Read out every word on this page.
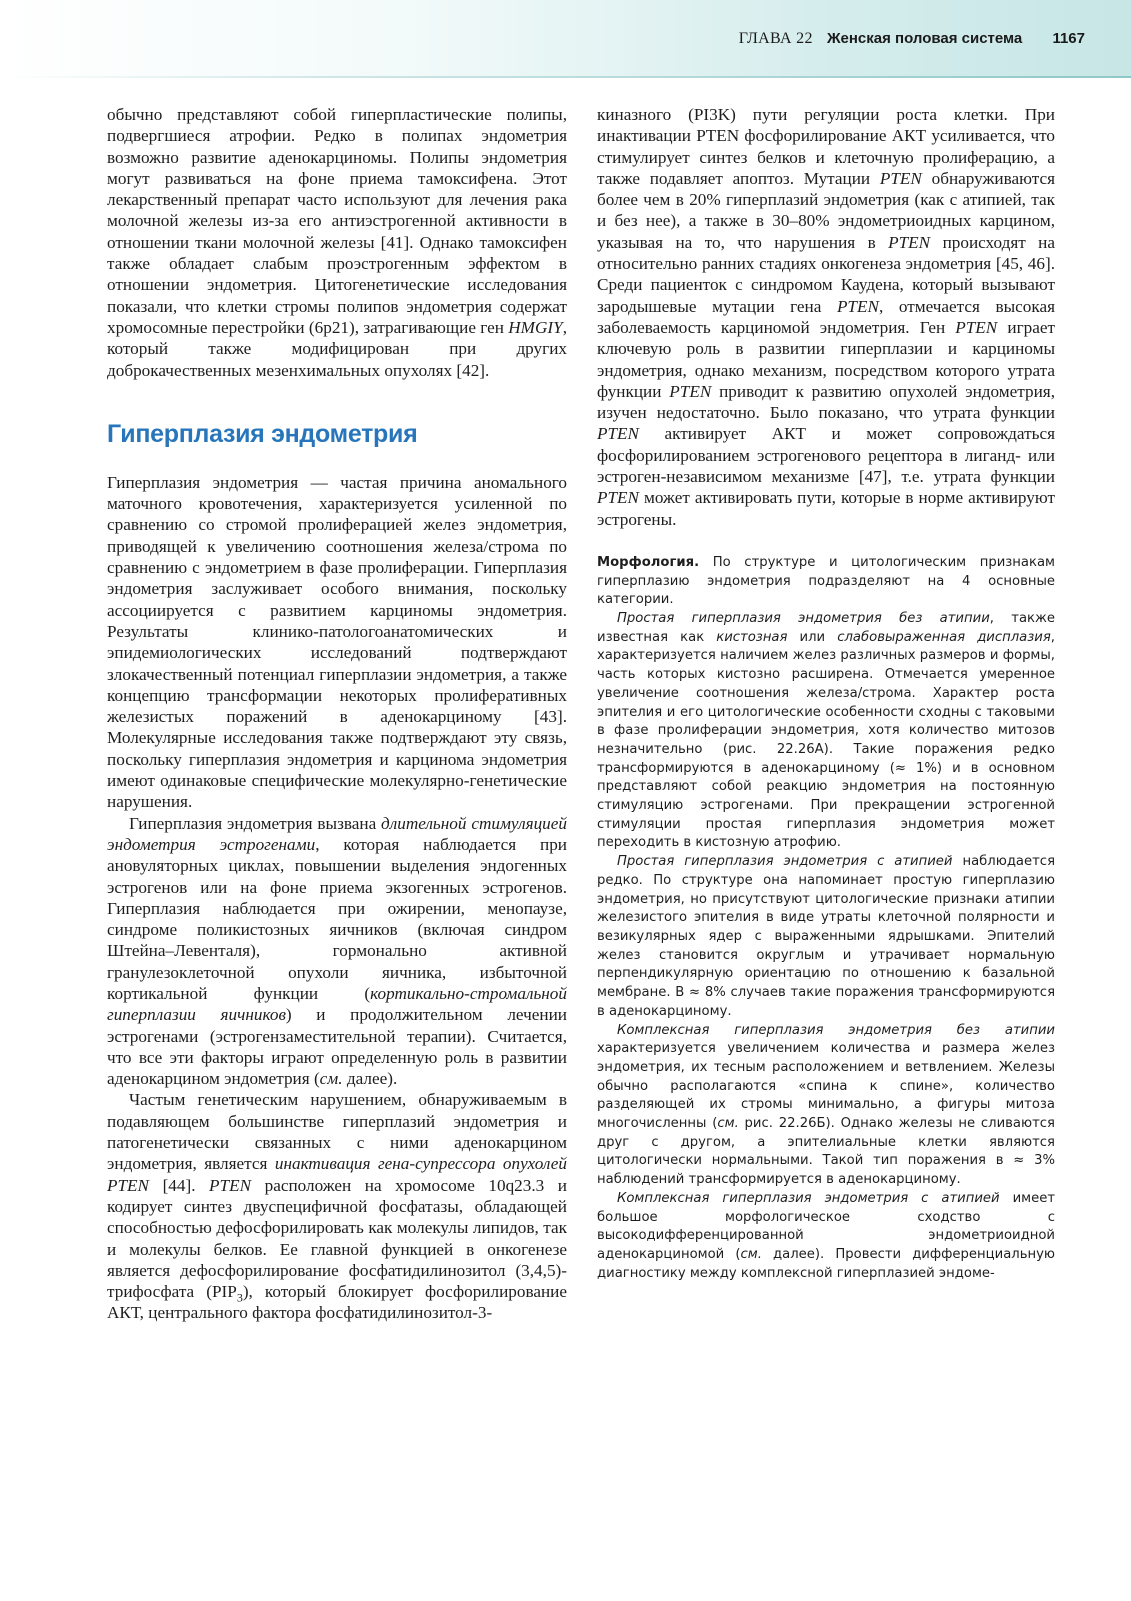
ГЛАВА 22 Женская половая система 1167

обычно представляют собой гиперпластические полипы, подвергшиеся атрофии. Редко в полипах эндометрия возможно развитие аденокарциномы. Полипы эндометрия могут развиваться на фоне приема тамоксифена. Этот лекарственный препарат часто используют для лечения рака молочной железы из-за его антиэстрогенной активности в отношении ткани молочной железы [41]. Однако тамоксифен также обладает слабым проэстрогенным эффектом в отношении эндометрия. Цитогенетические исследования показали, что клетки стромы полипов эндометрия содержат хромосомные перестройки (6р21), затрагивающие ген HMGIY, который также модифицирован при других доброкачественных мезенхимальных опухолях [42].

Гиперплазия эндометрия

Гиперплазия эндометрия — частая причина аномального маточного кровотечения, характеризуется усиленной по сравнению со стромой пролиферацией желез эндометрия, приводящей к увеличению соотношения железа/строма по сравнению с эндометрием в фазе пролиферации. Гиперплазия эндометрия заслуживает особого внимания, поскольку ассоциируется с развитием карциномы эндометрия. Результаты клинико-патологоанатомических и эпидемиологических исследований подтверждают злокачественный потенциал гиперплазии эндометрия, а также концепцию трансформации некоторых пролиферативных железистых поражений в аденокарциному [43]. Молекулярные исследования также подтверждают эту связь, поскольку гиперплазия эндометрия и карцинома эндометрия имеют одинаковые специфические молекулярно-генетические нарушения.

Гиперплазия эндометрия вызвана длительной стимуляцией эндометрия эстрогенами, которая наблюдается при ановуляторных циклах, повышении выделения эндогенных эстрогенов или на фоне приема экзогенных эстрогенов. Гиперплазия наблюдается при ожирении, менопаузе, синдроме поликистозных яичников (включая синдром Штейна–Левенталя), гормонально активной гранулезоклеточной опухоли яичника, избыточной кортикальной функции (кортикально-стромальной гиперплазии яичников) и продолжительном лечении эстрогенами (эстрогензаместительной терапии). Считается, что все эти факторы играют определенную роль в развитии аденокарцином эндометрия (см. далее).

Частым генетическим нарушением, обнаруживаемым в подавляющем большинстве гиперплазий эндометрия и патогенетически связанных с ними аденокарцином эндометрия, является инактивация гена-супрессора опухолей PTEN [44]. PTEN расположен на хромосоме 10q23.3 и кодирует синтез двуспецифичной фосфатазы, обладающей способностью дефосфорилировать как молекулы липидов, так и молекулы белков. Ее главной функцией в онкогенезе является дефосфорилирование фосфатидилинозитол (3,4,5)-трифосфата $(PIP_3)$, который блокирует фосфорилирование АКТ, центрального фактора фосфатидилинозитол-3-

киназного (PI3K) пути регуляции роста клетки. При инактивации PTEN фосфорилирование АКТ усиливается, что стимулирует синтез белков и клеточную пролиферацию, а также подавляет апоптоз. Мутации PTEN обнаруживаются более чем в 20% гиперплазий эндометрия (как с атипией, так и без нее), а также в 30–80% эндометриоидных карцином, указывая на то, что нарушения в PTEN происходят на относительно ранних стадиях онкогенеза эндометрия [45, 46]. Среди пациенток с синдромом Каудена, который вызывают зародышевые мутации гена PTEN, отмечается высокая заболеваемость карциномой эндометрия. Ген PTEN играет ключевую роль в развитии гиперплазии и карциномы эндометрия, однако механизм, посредством которого утрата функции PTEN приводит к развитию опухолей эндометрия, изучен недостаточно. Было показано, что утрата функции PTEN активирует АКТ и может сопровождаться фосфорилированием эстрогенового рецептора в лиганд- или эстроген-независимом механизме [47], т.е. утрата функции PTEN может активировать пути, которые в норме активируют эстрогены.

Морфология. По структуре и цитологическим признакам гиперплазию эндометрия подразделяют на 4 основные категории.

Простая гиперплазия эндометрия без атипии, также известная как кистозная или слабовыраженная дисплазия, характеризуется наличием желез различных размеров и формы, часть которых кистозно расширена. Отмечается умеренное увеличение соотношения железа/строма. Характер роста эпителия и его цитологические особенности сходны с таковыми в фазе пролиферации эндометрия, хотя количество митозов незначительно (рис. 22.26А). Такие поражения редко трансформируются в аденокарциному (≈ 1%) и в основном представляют собой реакцию эндометрия на постоянную стимуляцию эстрогенами. При прекращении эстрогенной стимуляции простая гиперплазия эндометрия может переходить в кистозную атрофию.

Простая гиперплазия эндометрия с атипией наблюдается редко. По структуре она напоминает простую гиперплазию эндометрия, но присутствуют цитологические признаки атипии железистого эпителия в виде утраты клеточной полярности и везикулярных ядер с выраженными ядрышками. Эпителий желез становится округлым и утрачивает нормальную перпендикулярную ориентацию по отношению к базальной мембране. В ≈ 8% случаев такие поражения трансформируются в аденокарциному.

Комплексная гиперплазия эндометрия без атипии характеризуется увеличением количества и размера желез эндометрия, их тесным расположением и ветвлением. Железы обычно располагаются «спина к спине», количество разделяющей их стромы минимально, а фигуры митоза многочисленны (см. рис. 22.26Б). Однако железы не сливаются друг с другом, а эпителиальные клетки являются цитологически нормальными. Такой тип поражения в ≈ 3% наблюдений трансформируется в аденокарциному.

Комплексная гиперплазия эндометрия с атипией имеет большое морфологическое сходство с высокодифференцированной эндометриоидной аденокарциномой (см. далее). Провести дифференциальную диагностику между комплексной гиперплазией эндоме-
